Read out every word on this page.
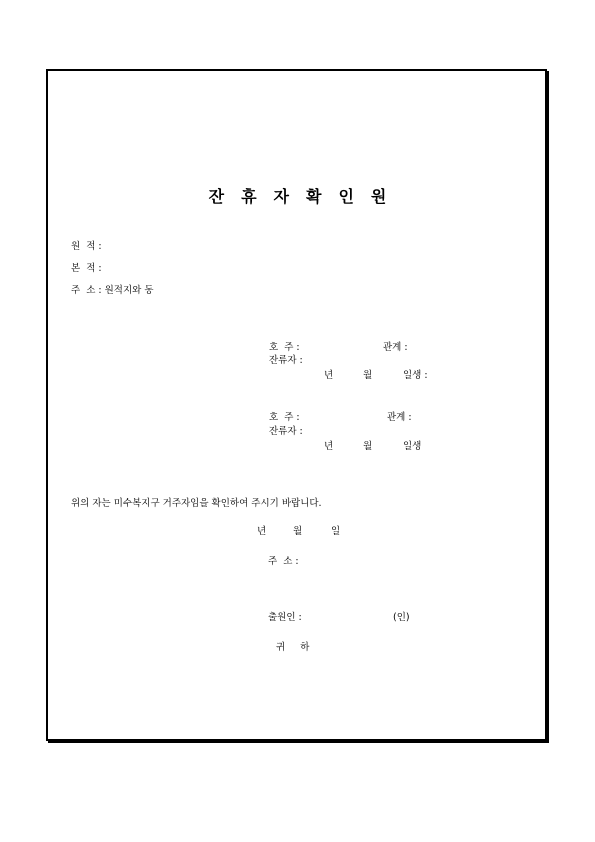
잔휴자확인원
원  적 :
본  적 :
주  소 : 원적지와 동
호  주 :	관계 :
잔류자 :
년	월	일생 :
호  주 :	관계 :
잔류자 :
년	월	일생
위의 자는 미수복지구 거주자임을 확인하여 주시기 바랍니다.
년	월	일
주  소 :
출원인 :	(인)
귀     하
